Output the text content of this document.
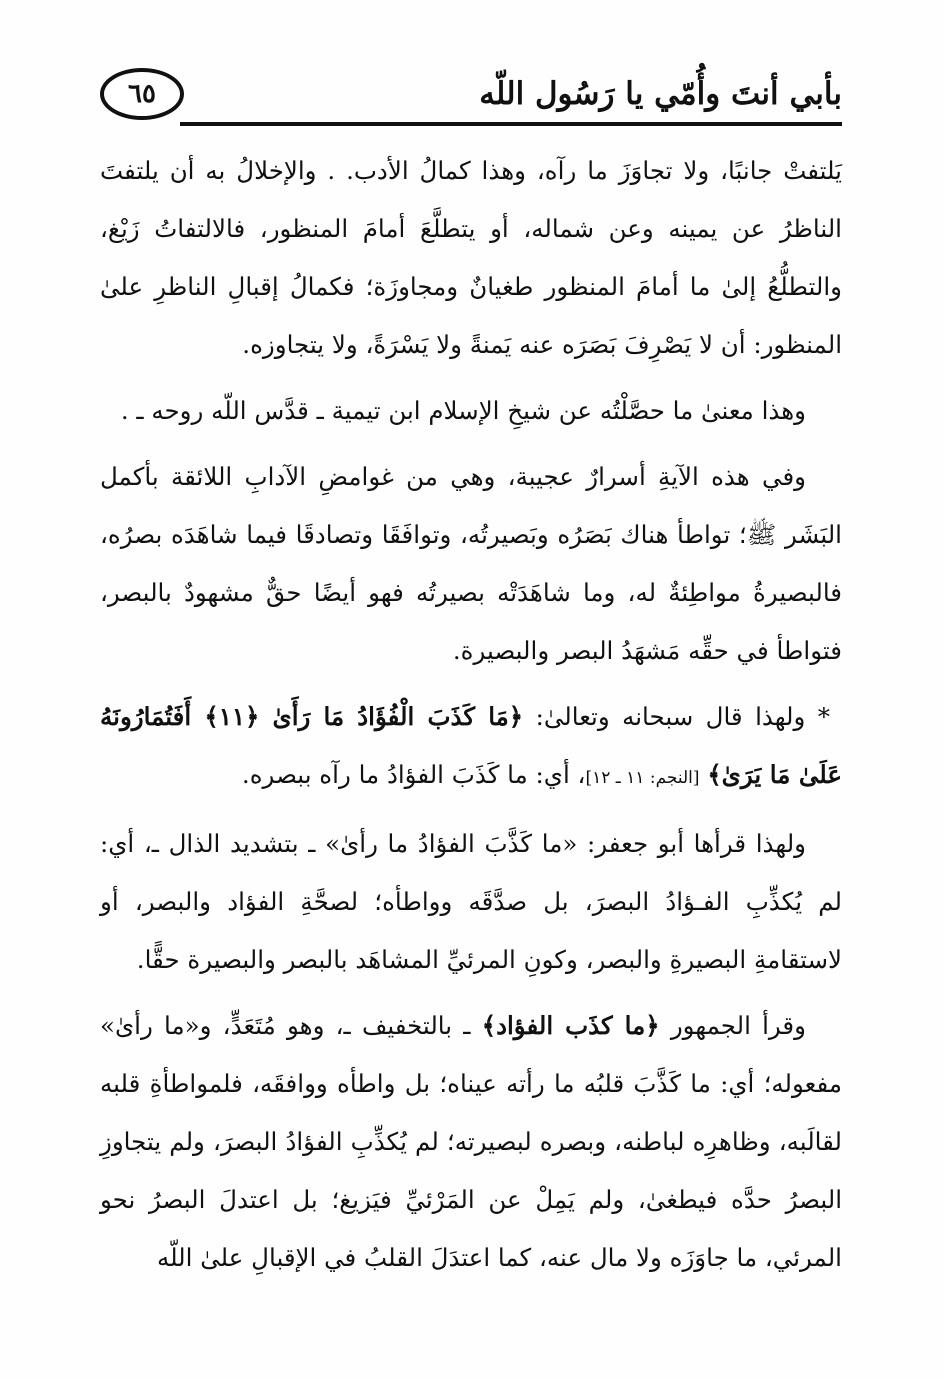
٦٥	بأبي أنتَ وأُمّي يا رَسُول اللّه

يَلتفتْ جانبًا، ولا تجاوَزَ ما رآه، وهذا كمالُ الأدب. . والإخلالُ به أن يلتفتَ الناظرُ عن يمينه وعن شماله، أو يتطلَّعَ أمامَ المنظور، فالالتفاتُ زَيْغ، والتطلُّعُ إلىٰ ما أمامَ المنظور طغيانٌ ومجاوزَة؛ فكمالُ إقبالِ الناظرِ علىٰ المنظور: أن لا يَصْرِفَ بَصَرَه عنه يَمنةً ولا يَسْرَةً، ولا يتجاوزه.

وهذا معنىٰ ما حصَّلْتُه عن شيخِ الإسلام ابن تيمية ـ قدَّس اللّه روحه ـ .

وفي هذه الآيةِ أسرارٌ عجيبة، وهي من غوامضِ الآدابِ اللائقة بأكمل البَشَر ﷺ؛ تواطأ هناك بَصَرُه وبَصيرتُه، وتوافَقَا وتصادقَا فيما شاهَدَه بصرُه، فالبصيرةُ مواطِئةٌ له، وما شاهَدَتْه بصيرتُه فهو أيضًا حقٌّ مشهودٌ بالبصر، فتواطأ في حقِّه مَشهَدُ البصر والبصيرة.

* ولهذا قال سبحانه وتعالىٰ: ﴿مَا كَذَبَ الْفُؤَادُ مَا رَأَىٰ ﴿١١﴾ أَفَتُمَارُونَهُ عَلَىٰ مَا يَرَىٰ﴾ [النجم: ١١ ـ ١٢]، أي: ما كَذَبَ الفؤادُ ما رآه ببصره.

ولهذا قرأها أبو جعفر: «ما كَذَّبَ الفؤادُ ما رأىٰ» ـ بتشديد الذال ـ، أي: لم يُكذِّبِ الفـؤادُ البصرَ، بل صدَّقَه وواطأه؛ لصحَّةِ الفؤاد والبصر، أو لاستقامةِ البصيرةِ والبصر، وكونِ المرئيِّ المشاهَد بالبصر والبصيرة حقًّا.

وقرأ الجمهور ﴿ما كذَب الفؤاد﴾ ـ بالتخفيف ـ، وهو مُتَعَدٍّ، و«ما رأىٰ» مفعوله؛ أي: ما كَذَّبَ قلبُه ما رأته عيناه؛ بل واطأه ووافقَه، فلمواطأةِ قلبه لقالَبه، وظاهرِه لباطنه، وبصره لبصيرته؛ لم يُكذِّبِ الفؤادُ البصرَ، ولم يتجاوزِ البصرُ حدَّه فيطغىٰ، ولم يَمِلْ عن المَرْئيِّ فيَزيغ؛ بل اعتدلَ البصرُ نحو المرئي، ما جاوَزَه ولا مال عنه، كما اعتدَلَ القلبُ في الإقبالِ علىٰ اللّه
